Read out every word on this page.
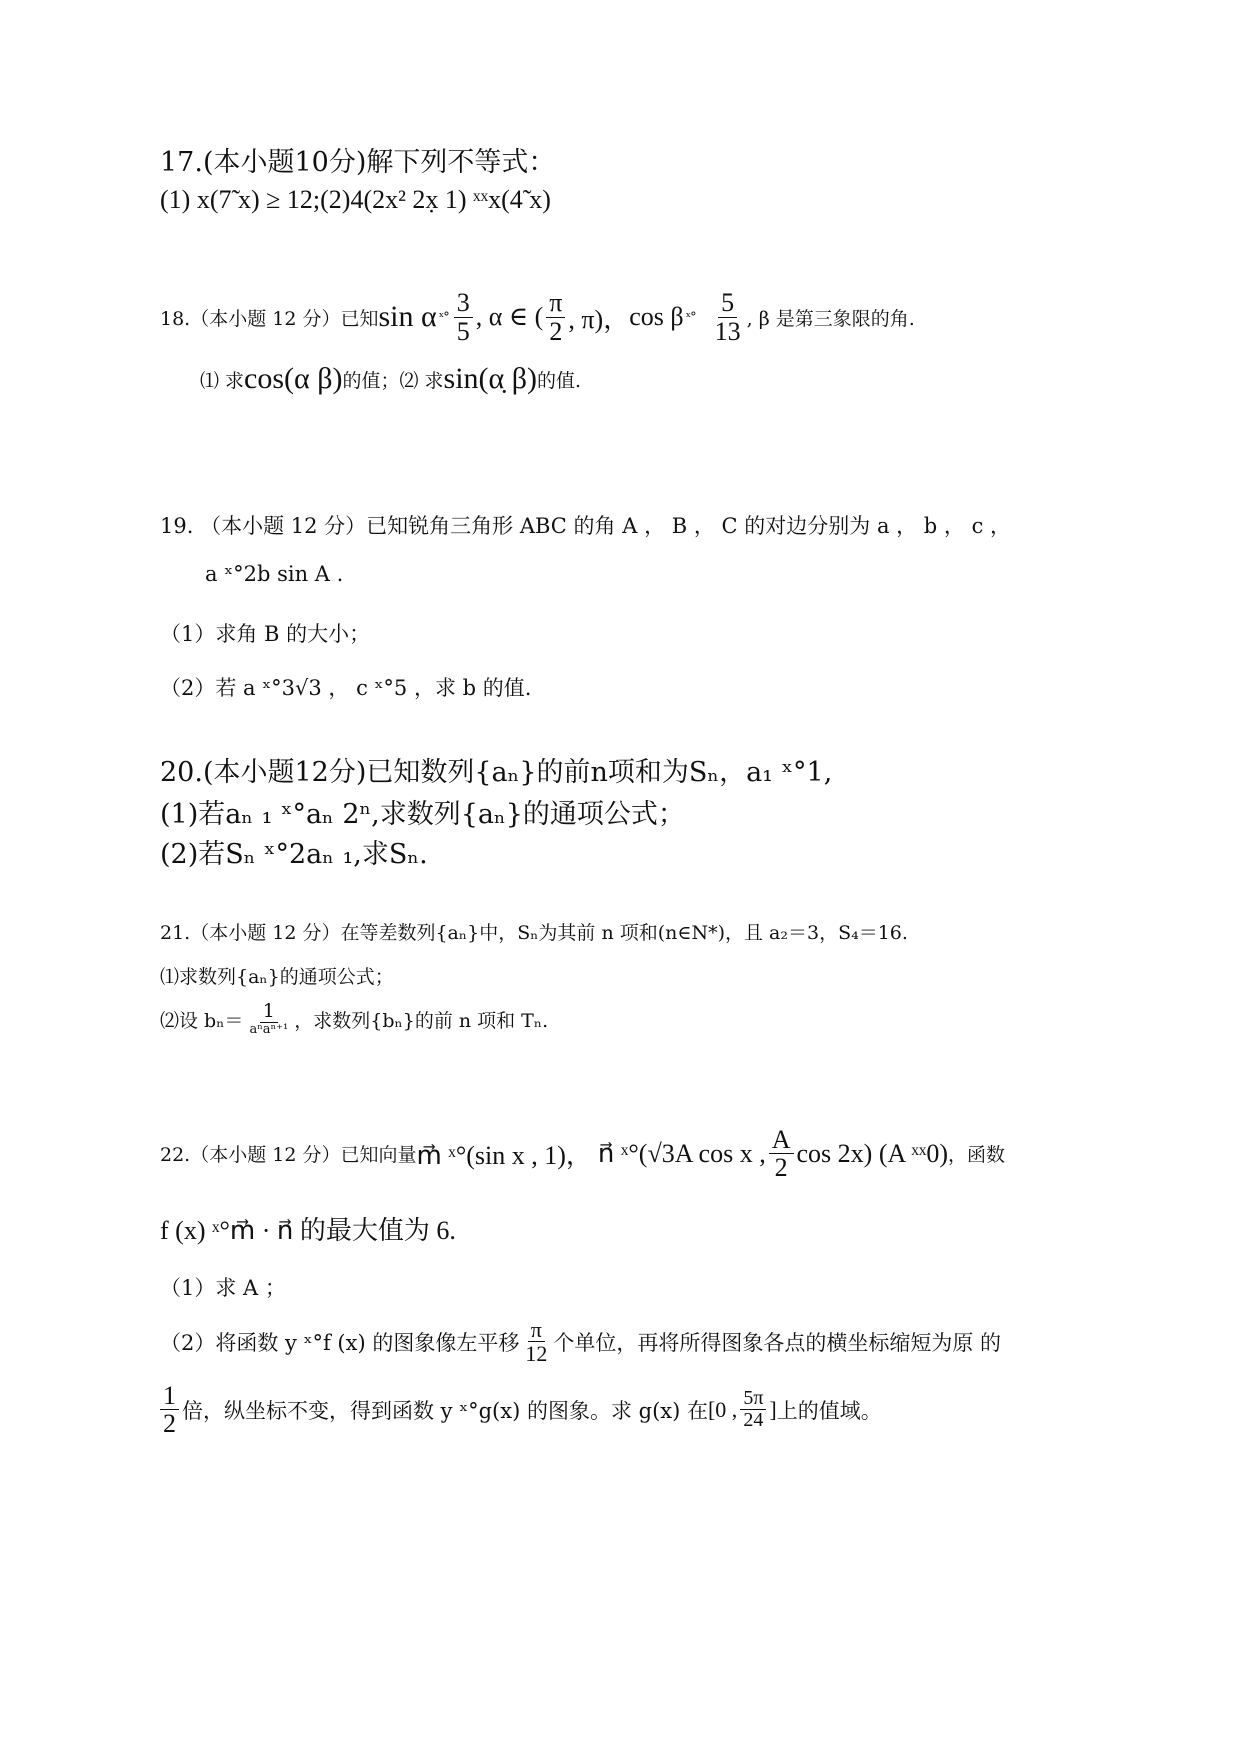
17.(本小题10分)解下列不等式：
(1) x(7̃ x) ≥ 12;(2)4(2x² 2x̣ 1) ˣˣx(4̃ x)
18.（本小题 12 分）已知 sin α ˣ° $\frac{3}{5}$ , α ∈ ( $\frac{\pi}{2}$ , π)， cos β ˣ° $\frac{5}{13}$ , β 是第三象限的角.
⑴ 求 cos(α β) 的值；⑵ 求 sin(α̣ β) 的值.
19. （本小题 12 分）已知锐角三角形 ABC 的角 A ， B ， C 的对边分别为 a ， b ， c ，
a ˣ°2b sin A .
（1）求角 B 的大小；
（2）若 a ˣ°3√3 ， c ˣ°5 ，求 b 的值.
20.(本小题12分)已知数列{aₙ}的前n项和为Sₙ，a₁ ˣ°1,
(1)若aₙ ₁ ˣ°aₙ 2ⁿ,求数列{aₙ}的通项公式；
(2)若Sₙ ˣ°2aₙ ₁,求Sₙ.
21.（本小题 12 分）在等差数列{aₙ}中，Sₙ为其前 n 项和(n∈N*)，且 a₂＝3，S₄＝16.
⑴求数列{aₙ}的通项公式；
⑵设 $b_n= \frac{1}{\text{aⁿaⁿ⁺¹}}$ ，求数列{bₙ}的前 n 项和 Tₙ.
22.（本小题 12 分）已知向量 m⃗ ˣ°(sin x , 1)， n⃗ ˣ°(√3A cos x , $\frac{A}{2}$ cos 2x) (A ˣˣ0) ，函数
f (x) ˣ°m⃗ · n⃗ 的最大值为 6.
（1）求 A ；
（2）将函数 y ˣ°f (x) 的图象像左平移 $\frac{\pi}{12}$ 个单位，再将所得图象各点的横坐标缩短为原 的
$\frac{1}{2}$ 倍，纵坐标不变，得到函数 y ˣ°g(x) 的图象。求 g(x) 在 [0 , $\frac{5\pi}{24}$ ] 上的值域。
